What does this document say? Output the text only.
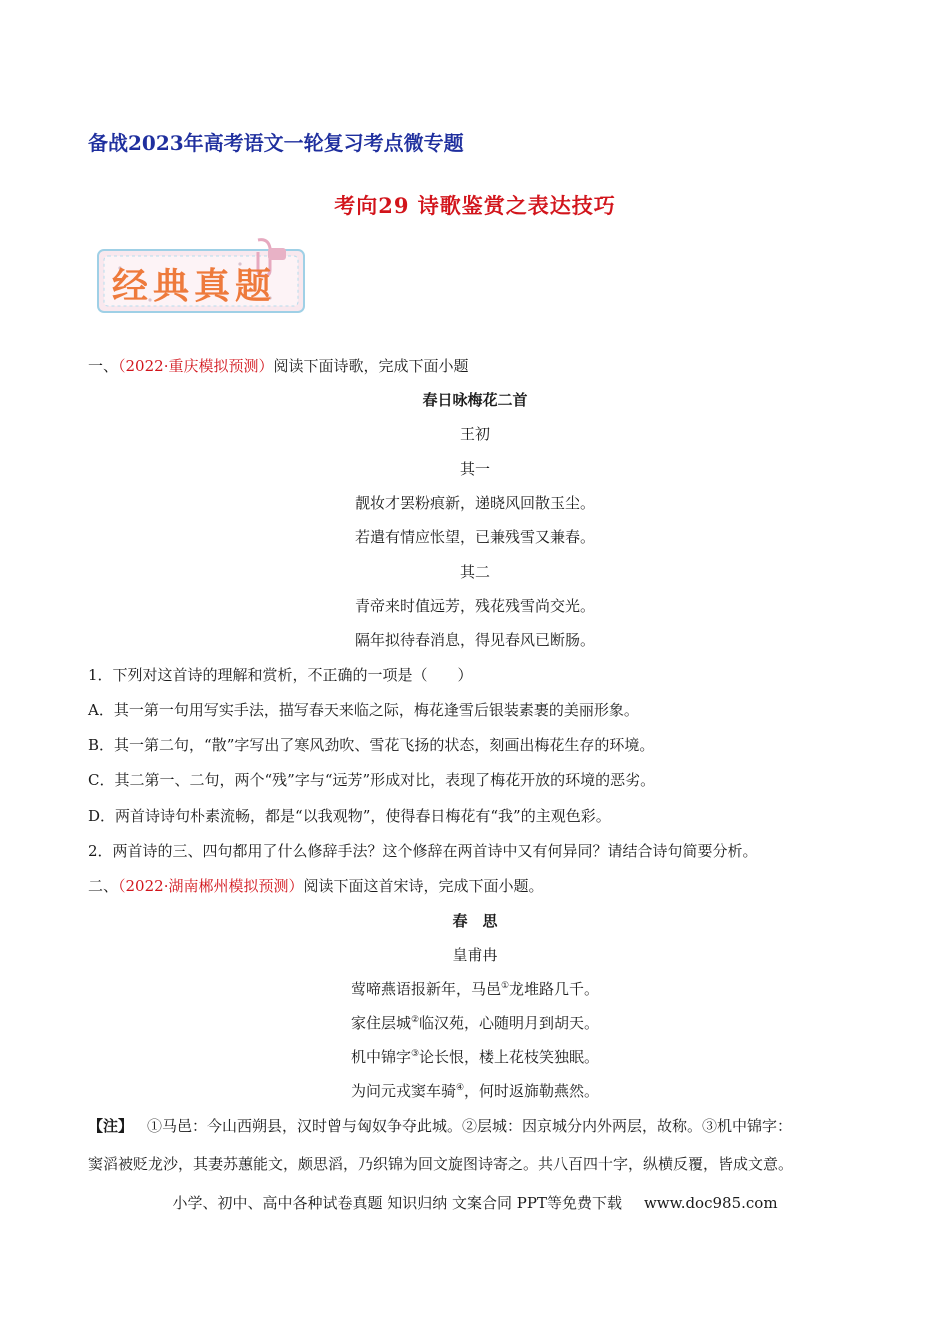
备战2023年高考语文一轮复习考点微专题
考向29 诗歌鉴赏之表达技巧
经典真题
一、（2022·重庆模拟预测）阅读下面诗歌，完成下面小题
春日咏梅花二首
王初
其一
靓妆才罢粉痕新，递晓风回散玉尘。
若遣有情应怅望，已兼残雪又兼春。
其二
青帝来时值远芳，残花残雪尚交光。
隔年拟待春消息，得见春风已断肠。
1．下列对这首诗的理解和赏析，不正确的一项是（　　）
A．其一第一句用写实手法，描写春天来临之际，梅花逢雪后银装素裹的美丽形象。
B．其一第二句，“散”字写出了寒风劲吹、雪花飞扬的状态，刻画出梅花生存的环境。
C．其二第一、二句，两个“残”字与“远芳”形成对比，表现了梅花开放的环境的恶劣。
D．两首诗诗句朴素流畅，都是“以我观物”，使得春日梅花有“我”的主观色彩。
2．两首诗的三、四句都用了什么修辞手法？这个修辞在两首诗中又有何异同？请结合诗句简要分析。
二、（2022·湖南郴州模拟预测）阅读下面这首宋诗，完成下面小题。
春　思
皇甫冉
莺啼燕语报新年，马邑①龙堆路几千。
家住层城②临汉苑，心随明月到胡天。
机中锦字③论长恨，楼上花枝笑独眠。
为问元戎窦车骑④，何时返旆勒燕然。
【注】 ①马邑：今山西朔县，汉时曾与匈奴争夺此城。②层城：因京城分内外两层，故称。③机中锦字：
窦滔被贬龙沙，其妻苏蕙能文，颇思滔，乃织锦为回文旋图诗寄之。共八百四十字，纵横反覆，皆成文意。
小学、初中、高中各种试卷真题 知识归纳 文案合同 PPT等免费下载 www.doc985.com
